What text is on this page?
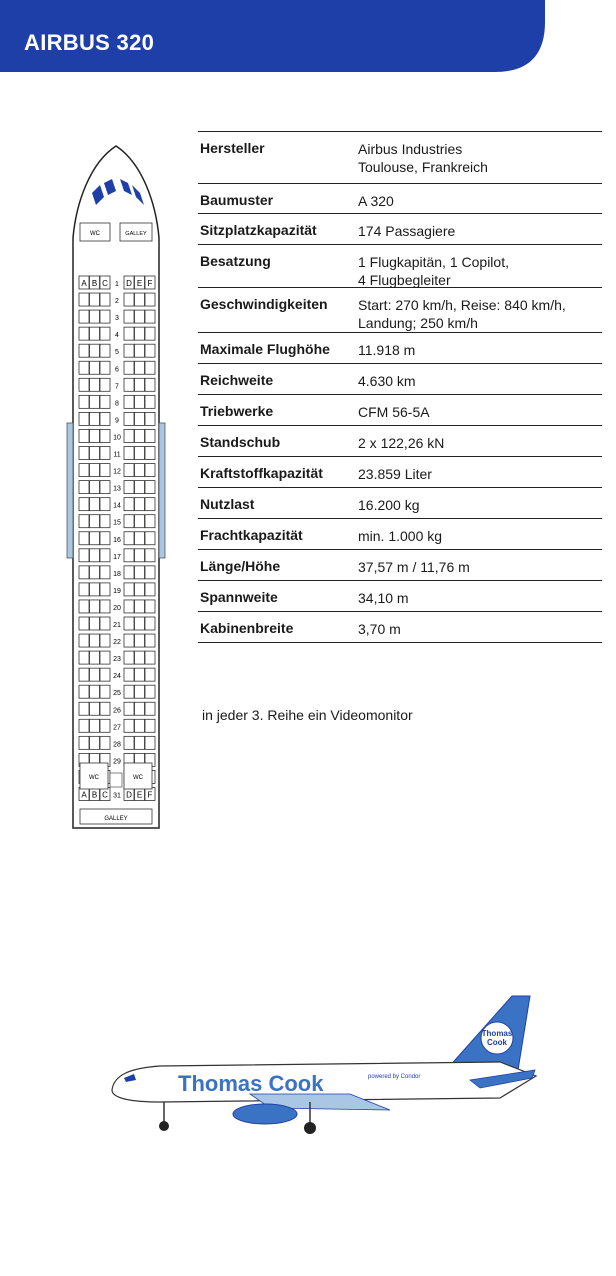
AIRBUS 320
Hersteller	Airbus Industries
Toulouse, Frankreich
Baumuster	A 320
Sitzplatzkapazität	174 Passagiere
Besatzung	1 Flugkapitän, 1 Copilot,
4 Flugbegleiter
Geschwindigkeiten	Start: 270 km/h, Reise: 840 km/h,
Landung; 250 km/h
Maximale Flughöhe	11.918 m
Reichweite	4.630 km
Triebwerke	CFM 56-5A
Standschub	2 x 122,26 kN
Kraftstoffkapazität	23.859 Liter
Nutzlast	16.200 kg
Frachtkapazität	min. 1.000 kg
Länge/Höhe	37,57 m / 11,76 m
Spannweite	34,10 m
Kabinenbreite	3,70 m
in jeder 3. Reihe ein Videomonitor
WC	GALLEY
A	D
B	E
C	F
1
2
3
4
5
6
7
8
9
10
11
12
13
14
15
16
17
18
19
20
21
22
23
24
25
26
27
28
29
A	D
B	E
C	F
31
WC	WC
GALLEY
Thomas
Cook
Thomas Cook	powered by Condor
